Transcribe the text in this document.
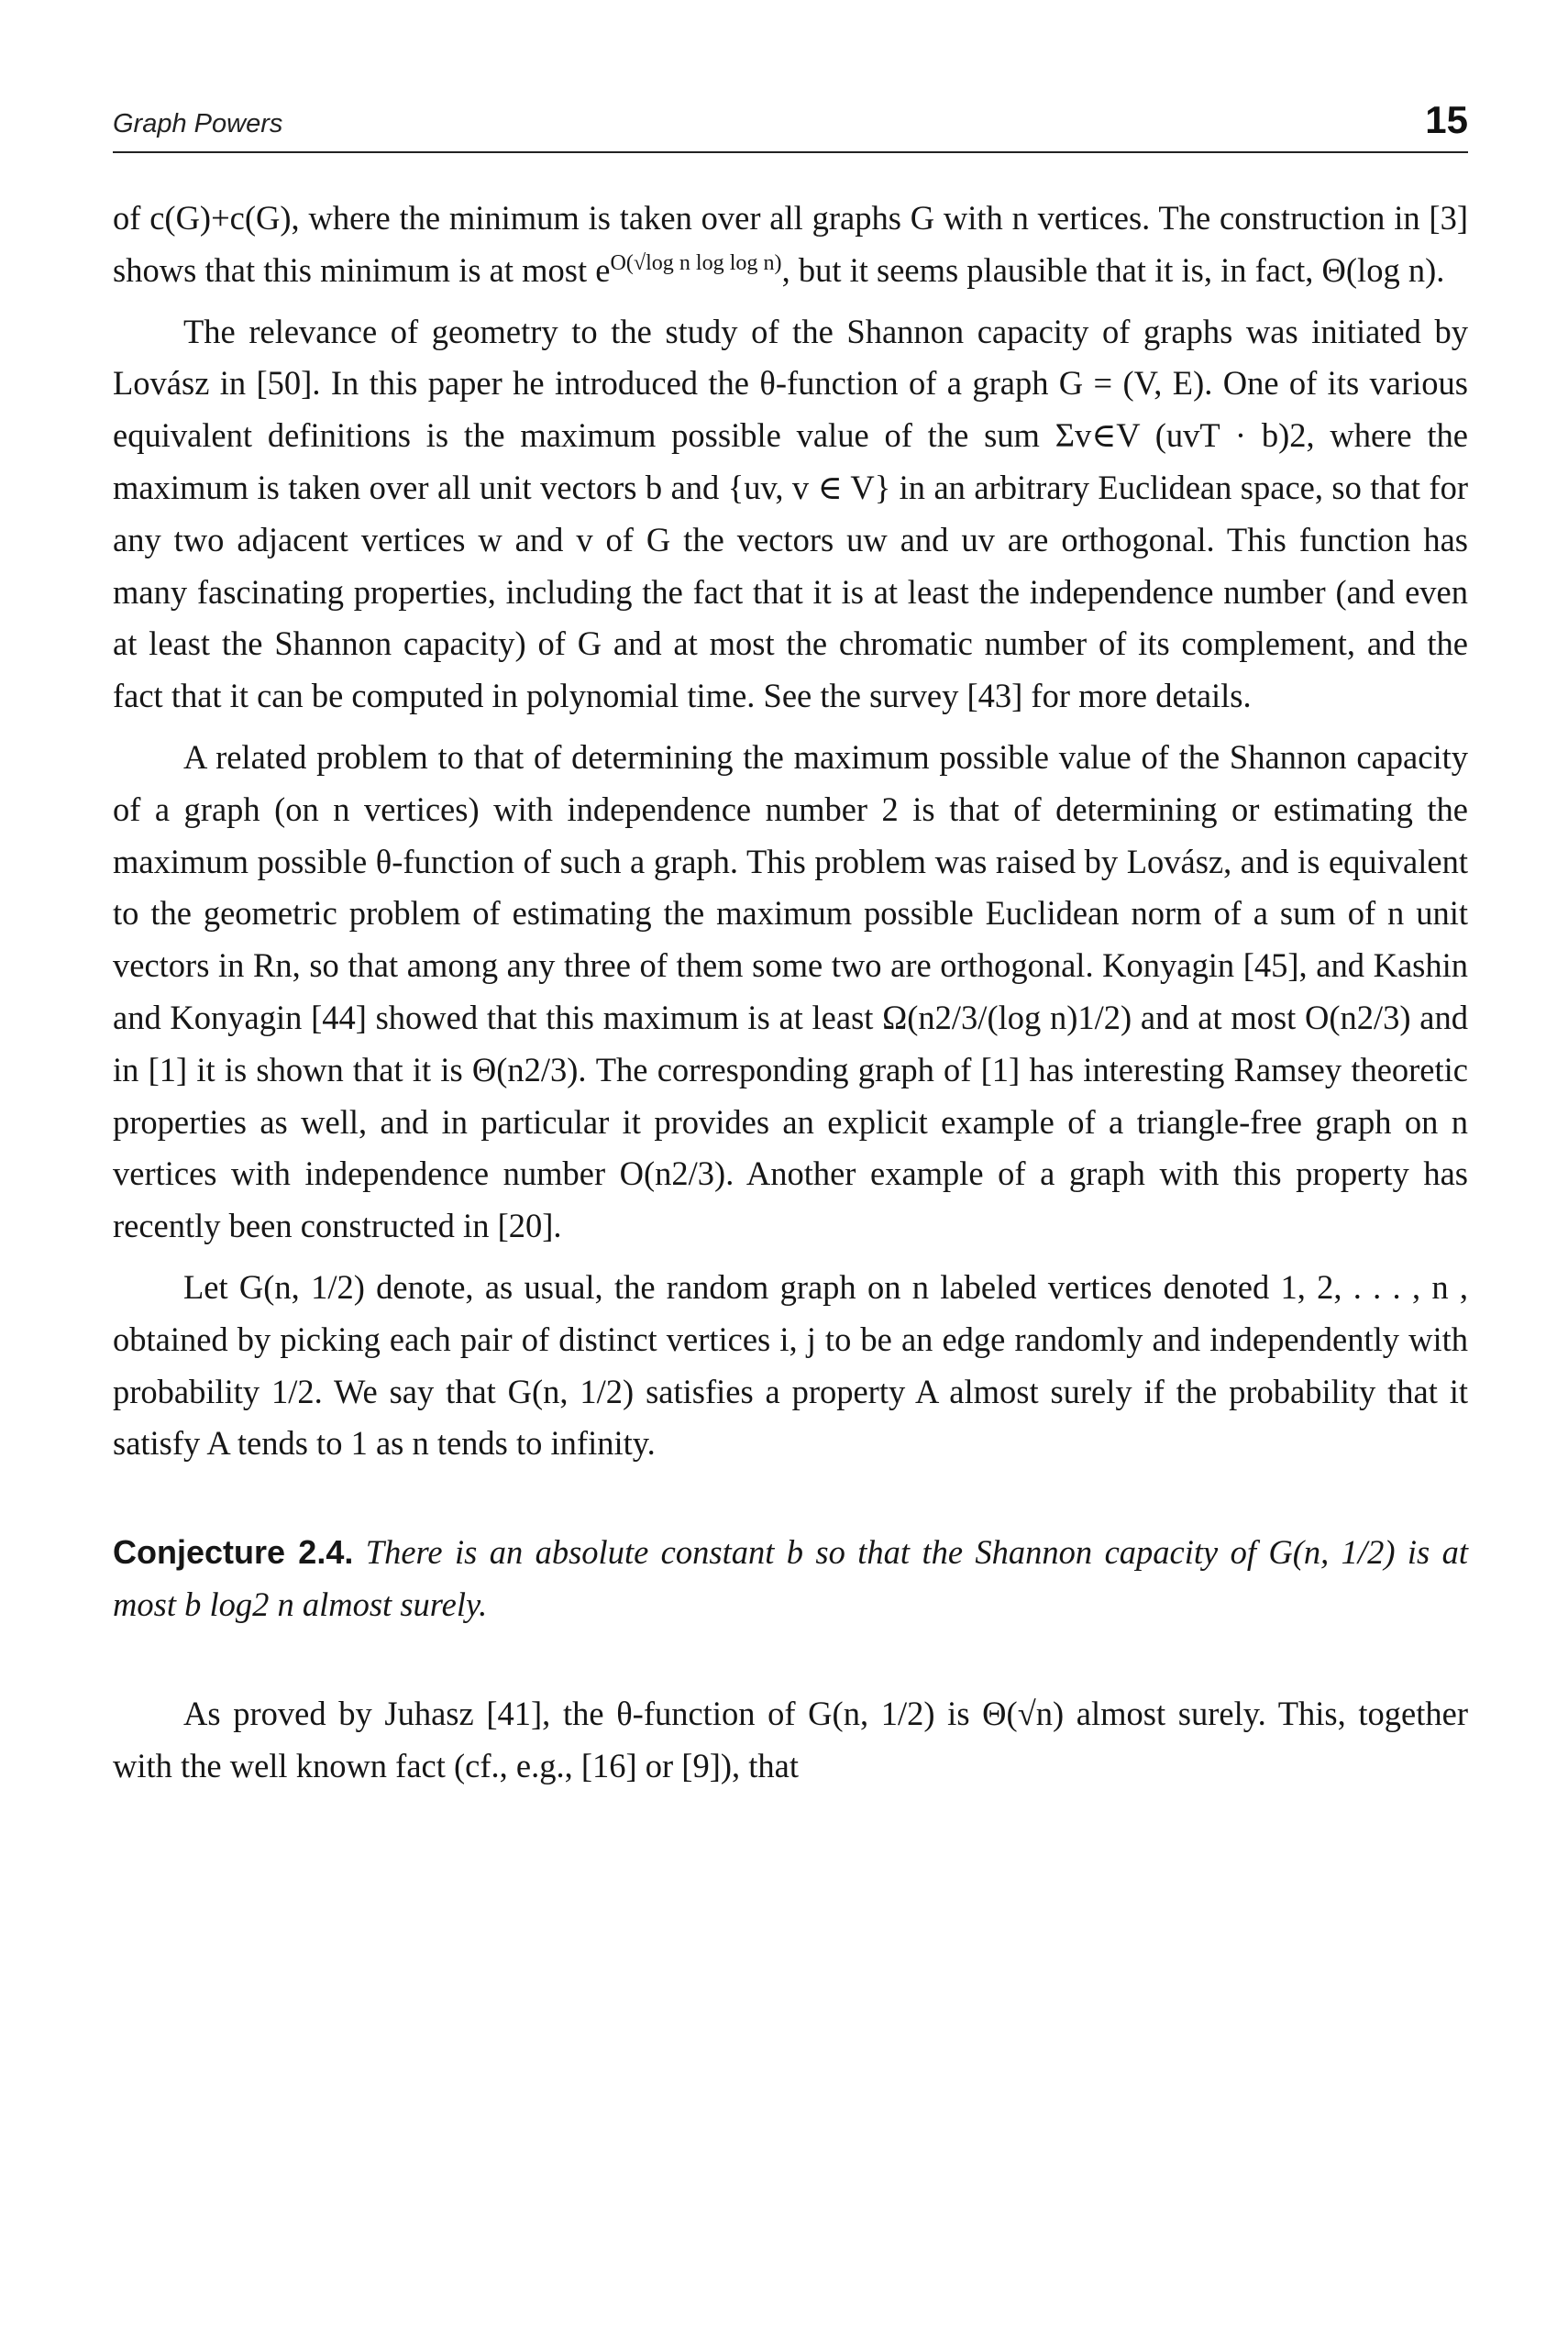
Graph Powers	15

of c(G)+c(G), where the minimum is taken over all graphs G with n vertices. The construction in [3] shows that this minimum is at most $e^{O(√log n log log n)}$, but it seems plausible that it is, in fact, Θ(log n).

The relevance of geometry to the study of the Shannon capacity of graphs was initiated by Lovász in [50]. In this paper he introduced the θ-function of a graph G = (V, E). One of its various equivalent definitions is the maximum possible value of the sum Σv∈V (uvT · b)2, where the maximum is taken over all unit vectors b and {uv, v ∈ V} in an arbitrary Euclidean space, so that for any two adjacent vertices w and v of G the vectors uw and uv are orthogonal. This function has many fascinating properties, including the fact that it is at least the independence number (and even at least the Shannon capacity) of G and at most the chromatic number of its complement, and the fact that it can be computed in polynomial time. See the survey [43] for more details.

A related problem to that of determining the maximum possible value of the Shannon capacity of a graph (on n vertices) with independence number 2 is that of determining or estimating the maximum possible θ-function of such a graph. This problem was raised by Lovász, and is equivalent to the geometric problem of estimating the maximum possible Euclidean norm of a sum of n unit vectors in Rn, so that among any three of them some two are orthogonal. Konyagin [45], and Kashin and Konyagin [44] showed that this maximum is at least Ω(n2/3/(log n)1/2) and at most O(n2/3) and in [1] it is shown that it is Θ(n2/3). The corresponding graph of [1] has interesting Ramsey theoretic properties as well, and in particular it provides an explicit example of a triangle-free graph on n vertices with independence number O(n2/3). Another example of a graph with this property has recently been constructed in [20].

Let G(n, 1/2) denote, as usual, the random graph on n labeled vertices denoted 1, 2, . . . , n , obtained by picking each pair of distinct vertices i, j to be an edge randomly and independently with probability 1/2. We say that G(n, 1/2) satisfies a property A almost surely if the probability that it satisfy A tends to 1 as n tends to infinity.

Conjecture 2.4. There is an absolute constant b so that the Shannon capacity of G(n, 1/2) is at most b log2 n almost surely.

As proved by Juhasz [41], the θ-function of G(n, 1/2) is Θ(√n) almost surely. This, together with the well known fact (cf., e.g., [16] or [9]), that
